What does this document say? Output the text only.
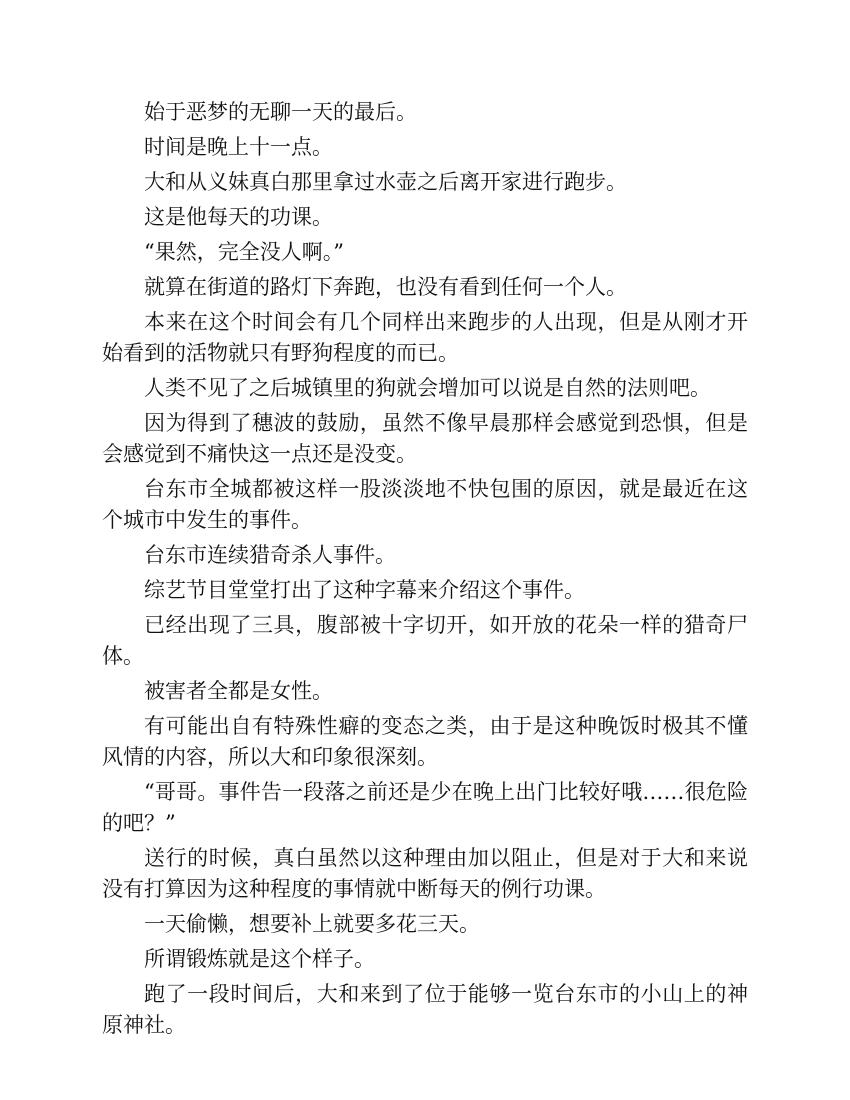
始于恶梦的无聊一天的最后。

时间是晚上十一点。

大和从义妹真白那里拿过水壶之后离开家进行跑步。

这是他每天的功课。

“果然，完全没人啊。”

就算在街道的路灯下奔跑，也没有看到任何一个人。

本来在这个时间会有几个同样出来跑步的人出现，但是从刚才开始看到的活物就只有野狗程度的而已。

人类不见了之后城镇里的狗就会增加可以说是自然的法则吧。

因为得到了穗波的鼓励，虽然不像早晨那样会感觉到恐惧，但是会感觉到不痛快这一点还是没变。

台东市全城都被这样一股淡淡地不快包围的原因，就是最近在这个城市中发生的事件。

台东市连续猎奇杀人事件。

综艺节目堂堂打出了这种字幕来介绍这个事件。

已经出现了三具，腹部被十字切开，如开放的花朵一样的猎奇尸体。

被害者全都是女性。

有可能出自有特殊性癖的变态之类，由于是这种晚饭时极其不懂风情的内容，所以大和印象很深刻。

“哥哥。事件告一段落之前还是少在晚上出门比较好哦……很危险的吧？”

送行的时候，真白虽然以这种理由加以阻止，但是对于大和来说没有打算因为这种程度的事情就中断每天的例行功课。

一天偷懒，想要补上就要多花三天。

所谓锻炼就是这个样子。

跑了一段时间后，大和来到了位于能够一览台东市的小山上的神原神社。
